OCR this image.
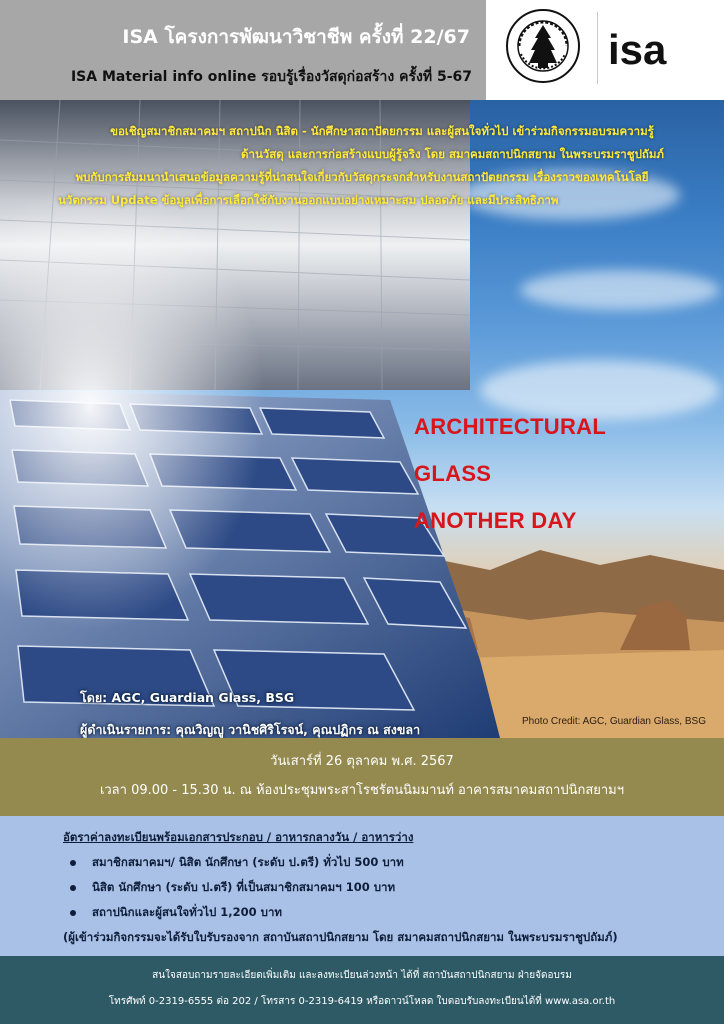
ISA โครงการพัฒนาวิชาชีพ ครั้งที่ 22/67
ISA Material info online รอบรู้เรื่องวัสดุก่อสร้าง ครั้งที่ 5-67
isa
ขอเชิญสมาชิกสมาคมฯ สถาปนิก นิสิต - นักศึกษาสถาปัตยกรรม และผู้สนใจทั่วไป เข้าร่วมกิจกรรมอบรมความรู้
ด้านวัสดุ และการก่อสร้างแบบผู้รู้จริง โดย สมาคมสถาปนิกสยาม ในพระบรมราชูปถัมภ์
พบกับการสัมมนานำเสนอข้อมูลความรู้ที่น่าสนใจเกี่ยวกับวัสดุกระจกสำหรับงานสถาปัตยกรรม เรื่องราวของเทคโนโลยี
นวัตกรรม Update ข้อมูลเพื่อการเลือกใช้กับงานออกแบบอย่างเหมาะสม ปลอดภัย และมีประสิทธิภาพ
ARCHITECTURAL
GLASS
ANOTHER DAY
โดย: AGC, Guardian Glass, BSG
ผู้ดำเนินรายการ: คุณวิญญู วานิชศิริโรจน์, คุณปฏิกร ณ สงขลา
Photo Credit: AGC, Guardian Glass, BSG
วันเสาร์ที่ 26 ตุลาคม พ.ศ. 2567
เวลา 09.00 - 15.30 น. ณ ห้องประชุมพระสาโรชรัตนนิมมานท์ อาคารสมาคมสถาปนิกสยามฯ
อัตราค่าลงทะเบียนพร้อมเอกสารประกอบ / อาหารกลางวัน / อาหารว่าง
สมาชิกสมาคมฯ/ นิสิต นักศึกษา (ระดับ ป.ตรี) ทั่วไป 500 บาท
นิสิต นักศึกษา (ระดับ ป.ตรี) ที่เป็นสมาชิกสมาคมฯ 100 บาท
สถาปนิกและผู้สนใจทั่วไป 1,200 บาท
(ผู้เข้าร่วมกิจกรรมจะได้รับใบรับรองจาก สถาบันสถาปนิกสยาม โดย สมาคมสถาปนิกสยาม ในพระบรมราชูปถัมภ์)
สนใจสอบถามรายละเอียดเพิ่มเติม และลงทะเบียนล่วงหน้า ได้ที่ สถาบันสถาปนิกสยาม ฝ่ายจัดอบรม
โทรศัพท์ 0-2319-6555 ต่อ 202 / โทรสาร 0-2319-6419 หรือดาวน์โหลด ใบตอบรับลงทะเบียนได้ที่ www.asa.or.th
